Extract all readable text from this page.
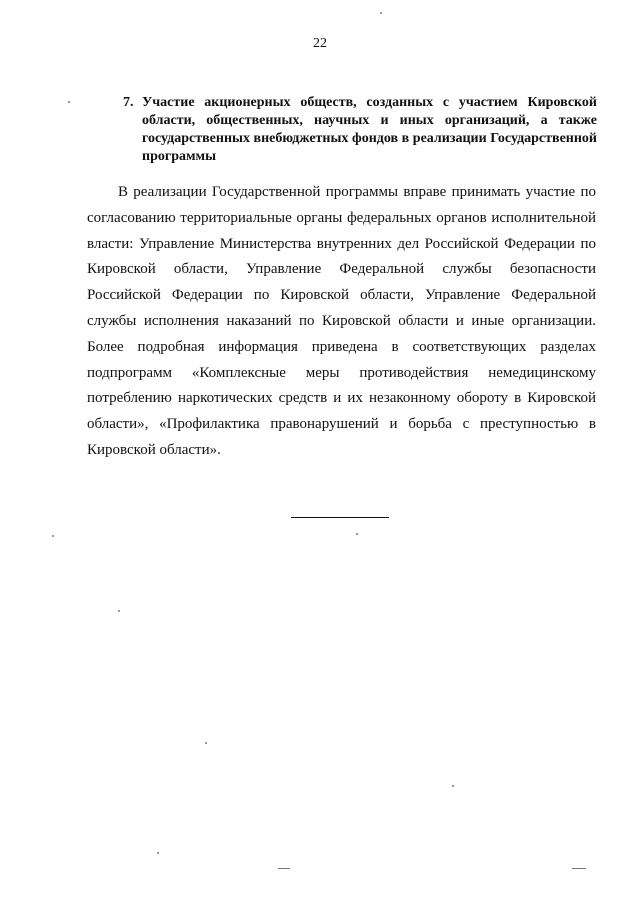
22
7. Участие акционерных обществ, созданных с участием Кировской области, общественных, научных и иных организаций, а также государственных внебюджетных фондов в реализации Государственной программы

В реализации Государственной программы вправе принимать участие по согласованию территориальные органы федеральных органов исполнительной власти: Управление Министерства внутренних дел Российской Федерации по Кировской области, Управление Федеральной службы безопасности Российской Федерации по Кировской области, Управление Федеральной службы исполнения наказаний по Кировской области и иные организации. Более подробная информация приведена в соответствующих разделах подпрограмм «Комплексные меры противодействия немедицинскому потреблению наркотических средств и их незаконному обороту в Кировской области», «Профилактика правонарушений и борьба с преступностью в Кировской области».
